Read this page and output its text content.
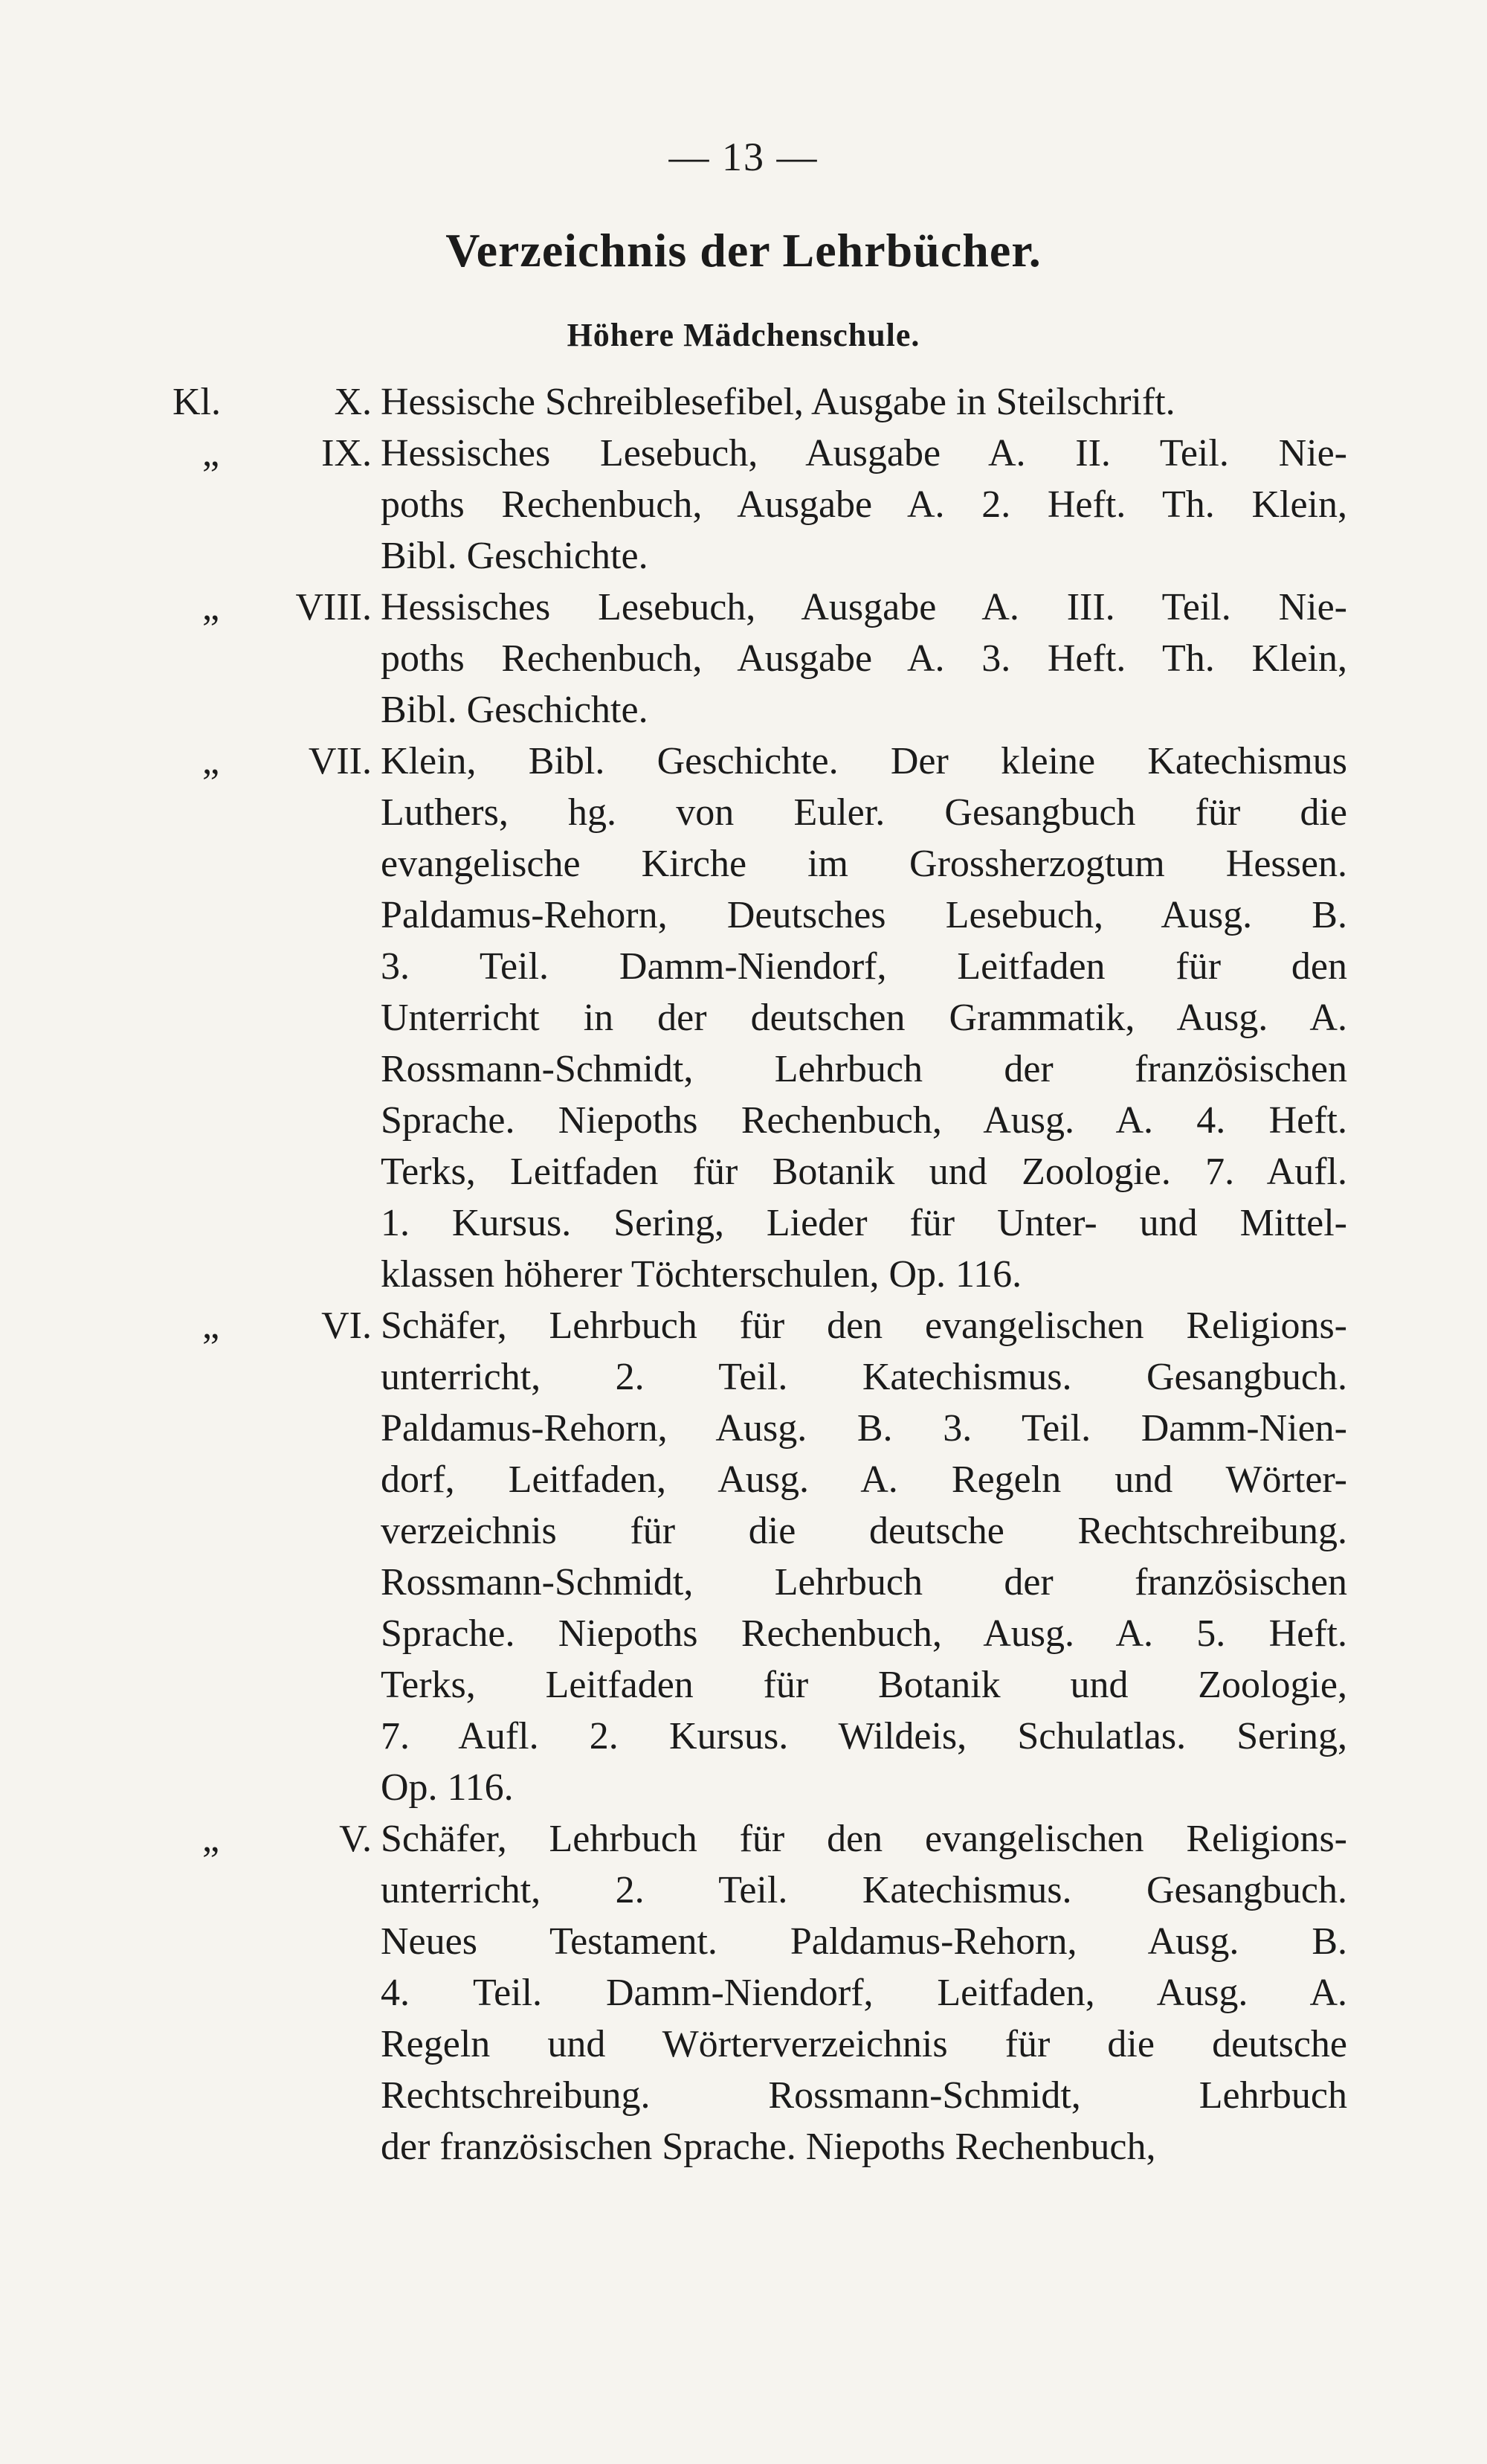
— 13 —
Verzeichnis der Lehrbücher.
Höhere Mädchenschule.
Kl.	X. Hessische Schreiblesefibel, Ausgabe in Steilschrift.
„	IX. Hessisches Lesebuch, Ausgabe A. II. Teil. Nie-
poths Rechenbuch, Ausgabe A. 2. Heft. Th. Klein,
Bibl. Geschichte.
„	VIII. Hessisches Lesebuch, Ausgabe A. III. Teil. Nie-
poths Rechenbuch, Ausgabe A. 3. Heft. Th. Klein,
Bibl. Geschichte.
„	VII. Klein, Bibl. Geschichte. Der kleine Katechismus
Luthers, hg. von Euler. Gesangbuch für die
evangelische Kirche im Grossherzogtum Hessen.
Paldamus-Rehorn, Deutsches Lesebuch, Ausg. B.
3. Teil. Damm-Niendorf, Leitfaden für den
Unterricht in der deutschen Grammatik, Ausg. A.
Rossmann-Schmidt, Lehrbuch der französischen
Sprache. Niepoths Rechenbuch, Ausg. A. 4. Heft.
Terks, Leitfaden für Botanik und Zoologie. 7. Aufl.
1. Kursus. Sering, Lieder für Unter- und Mittel-
klassen höherer Töchterschulen, Op. 116.
„	VI. Schäfer, Lehrbuch für den evangelischen Religions-
unterricht, 2. Teil. Katechismus. Gesangbuch.
Paldamus-Rehorn, Ausg. B. 3. Teil. Damm-Nien-
dorf, Leitfaden, Ausg. A. Regeln und Wörter-
verzeichnis für die deutsche Rechtschreibung.
Rossmann-Schmidt, Lehrbuch der französischen
Sprache. Niepoths Rechenbuch, Ausg. A. 5. Heft.
Terks, Leitfaden für Botanik und Zoologie,
7. Aufl. 2. Kursus. Wildeis, Schulatlas. Sering,
Op. 116.
„	V. Schäfer, Lehrbuch für den evangelischen Religions-
unterricht, 2. Teil. Katechismus. Gesangbuch.
Neues Testament. Paldamus-Rehorn, Ausg. B.
4. Teil. Damm-Niendorf, Leitfaden, Ausg. A.
Regeln und Wörterverzeichnis für die deutsche
Rechtschreibung. Rossmann-Schmidt, Lehrbuch
der französischen Sprache. Niepoths Rechenbuch,
